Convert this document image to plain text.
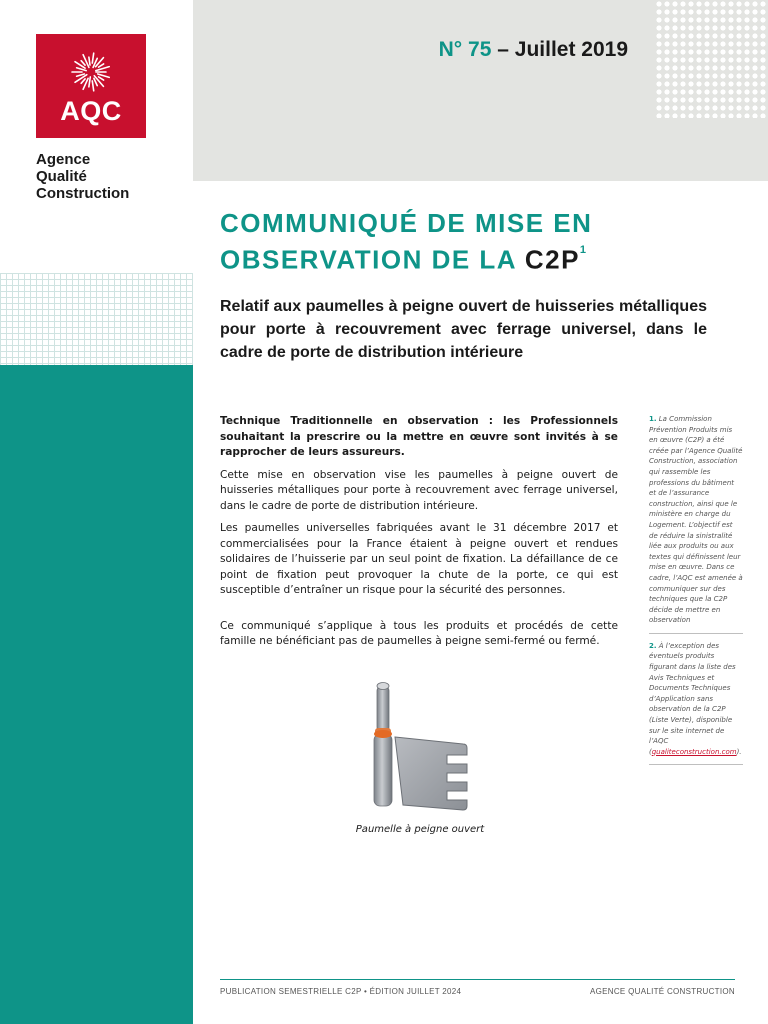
AQC
Agence
Qualité
Construction
N° 75 – Juillet 2019
COMMUNIQUÉ DE MISE EN
OBSERVATION DE LA $C2P^1$
Relatif aux paumelles à peigne ouvert de huisseries métalliques pour porte à recouvrement avec ferrage universel, dans le cadre de porte de distribution intérieure

Technique Traditionnelle en observation : les Professionnels souhaitant la prescrire ou la mettre en œuvre sont invités à se rapprocher de leurs assureurs.

Cette mise en observation vise les paumelles à peigne ouvert de huisseries métalliques pour porte à recouvrement avec ferrage universel, dans le cadre de porte de distribution intérieure.

Les paumelles universelles fabriquées avant le 31 décembre 2017 et commercialisées pour la France étaient à peigne ouvert et rendues solidaires de l’huisserie par un seul point de fixation. La défaillance de ce point de fixation peut provoquer la chute de la porte, ce qui est susceptible d’entraîner un risque pour la sécurité des personnes.

Ce communiqué s’applique à tous les produits et procédés de cette famille ne bénéficiant pas de paumelles à peigne semi-fermé ou fermé.

Paumelle à peigne ouvert
1. La Commission Prévention Produits mis en œuvre (C2P) a été créée par l’Agence Qualité Construction, association qui rassemble les professions du bâtiment et de l’assurance construction, ainsi que le ministère en charge du Logement. L’objectif est de réduire la sinistralité liée aux produits ou aux textes qui définissent leur mise en œuvre. Dans ce cadre, l’AQC est amenée à communiquer sur des techniques que la C2P décide de mettre en observation
2. À l’exception des éventuels produits figurant dans la liste des Avis Techniques et Documents Techniques d’Application sans observation de la C2P (Liste Verte), disponible sur le site internet de l’AQC (qualiteconstruction.com).
PUBLICATION SEMESTRIELLE C2P • ÉDITION JUILLET 2024	AGENCE QUALITÉ CONSTRUCTION
